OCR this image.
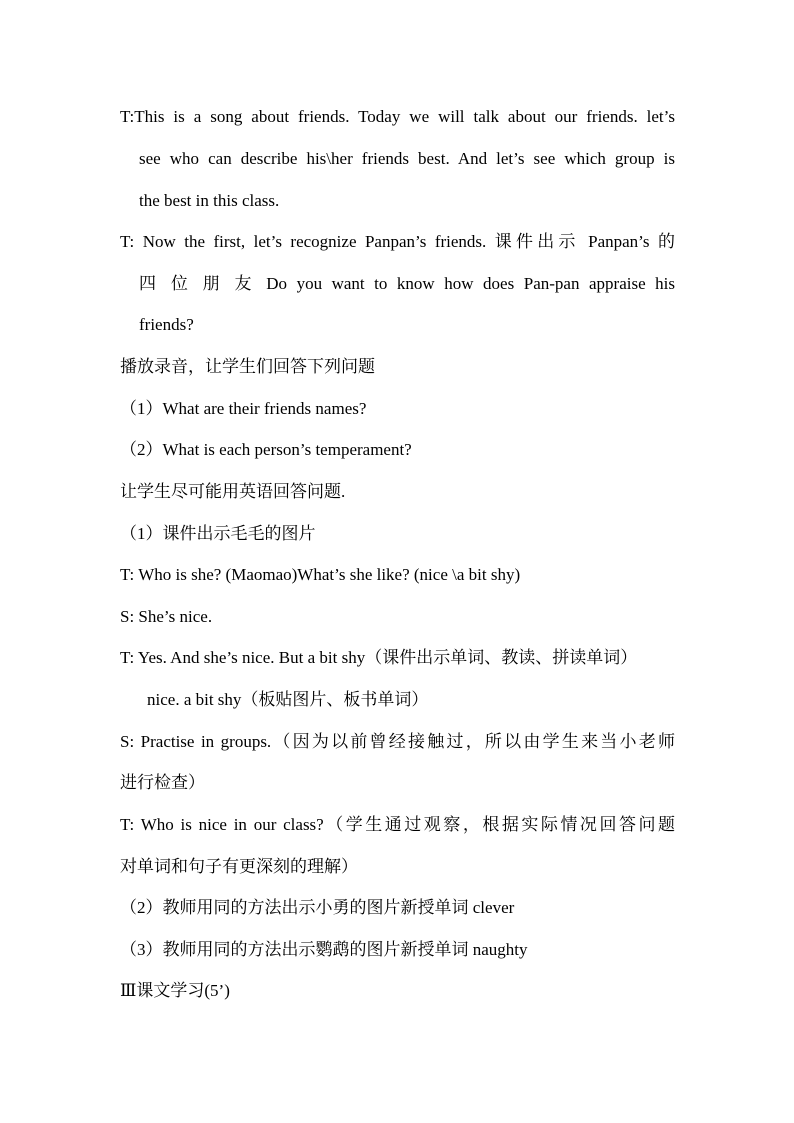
T:This is a song about friends. Today we will talk about our friends. let’s
see who can describe his\her friends best. And let’s see which group is
the best in this class.
T: Now the first, let’s recognize Panpan’s friends. 课件出示 Panpan’s 的
四 位 朋 友 Do you want to know how does Pan-pan appraise his
friends?
播放录音，让学生们回答下列问题
（1）What are their friends names?
（2）What is each person’s temperament?
让学生尽可能用英语回答问题.
（1）课件出示毛毛的图片
T: Who is she? (Maomao)What’s she like? (nice \a bit shy)
S: She’s nice.
T: Yes. And she’s nice. But a bit shy（课件出示单词、教读、拼读单词）
nice. a bit shy（板贴图片、板书单词）
S: Practise in groups.（因为以前曾经接触过，所以由学生来当小老师
进行检查）
T: Who is nice in our class?（学生通过观察，根据实际情况回答问题
对单词和句子有更深刻的理解）
（2）教师用同的方法出示小勇的图片新授单词 clever
（3）教师用同的方法出示鹦鹉的图片新授单词 naughty
Ⅲ课文学习(5’)
